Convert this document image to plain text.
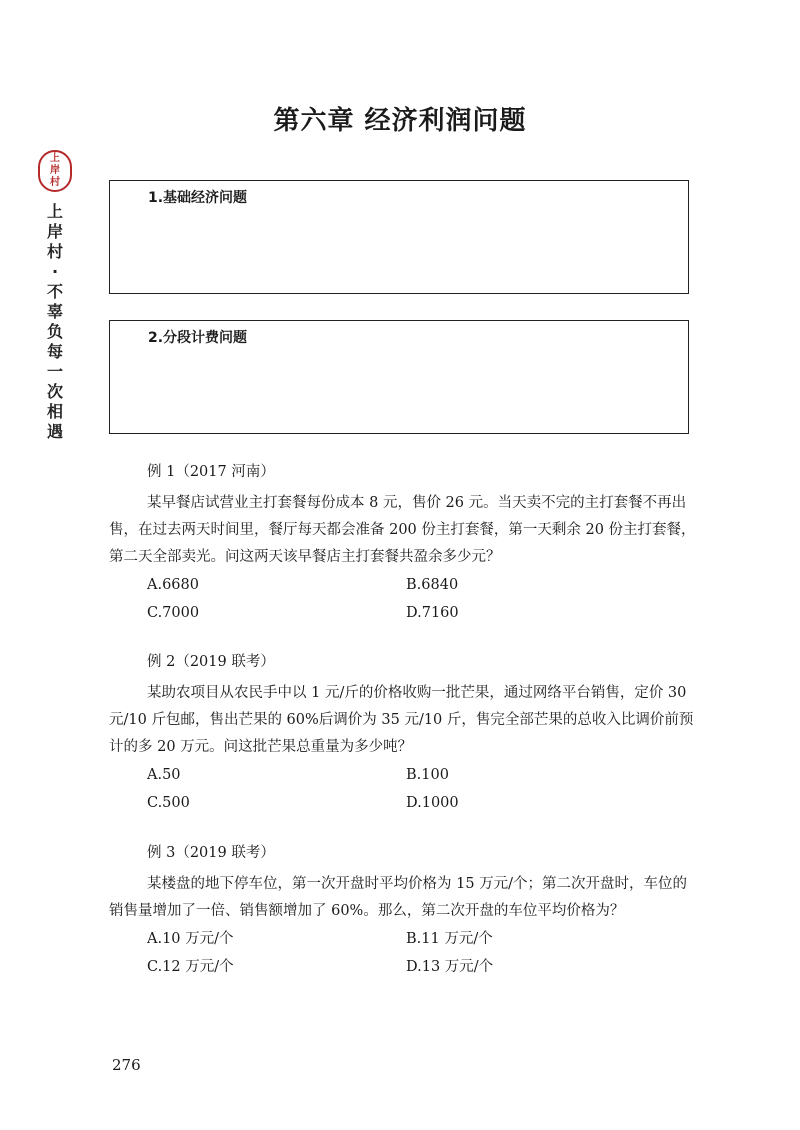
第六章 经济利润问题
上
岸
村
上
岸
村
·
不
辜
负
每
一
次
相
遇
1.基础经济问题
2.分段计费问题
例 1（2017 河南）

某早餐店试营业主打套餐每份成本 8 元，售价 26 元。当天卖不完的主打套餐不再出售，在过去两天时间里，餐厅每天都会准备 200 份主打套餐，第一天剩余 20 份主打套餐，第二天全部卖光。问这两天该早餐店主打套餐共盈余多少元？

A.6680	B.6840
C.7000	D.7160
例 2（2019 联考）

某助农项目从农民手中以 1 元/斤的价格收购一批芒果，通过网络平台销售，定价 30 元/10 斤包邮，售出芒果的 60%后调价为 35 元/10 斤，售完全部芒果的总收入比调价前预计的多 20 万元。问这批芒果总重量为多少吨？

A.50	B.100
C.500	D.1000
例 3（2019 联考）

某楼盘的地下停车位，第一次开盘时平均价格为 15 万元/个；第二次开盘时，车位的销售量增加了一倍、销售额增加了 60%。那么，第二次开盘的车位平均价格为？

A.10 万元/个	B.11 万元/个
C.12 万元/个	D.13 万元/个
276
